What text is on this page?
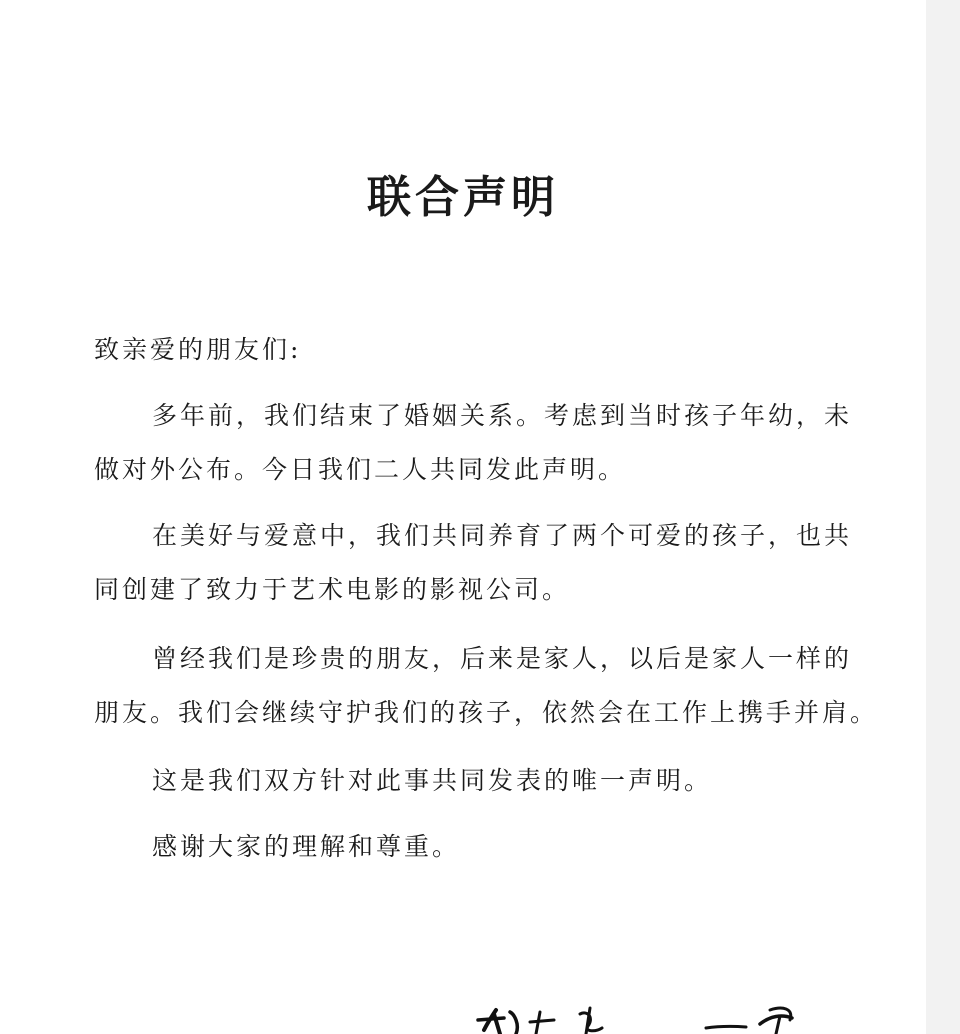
联合声明
致亲爱的朋友们:
多年前，我们结束了婚姻关系。考虑到当时孩子年幼，未
做对外公布。今日我们二人共同发此声明。
在美好与爱意中，我们共同养育了两个可爱的孩子，也共
同创建了致力于艺术电影的影视公司。
曾经我们是珍贵的朋友，后来是家人，以后是家人一样的
朋友。我们会继续守护我们的孩子，依然会在工作上携手并肩。
这是我们双方针对此事共同发表的唯一声明。
感谢大家的理解和尊重。
